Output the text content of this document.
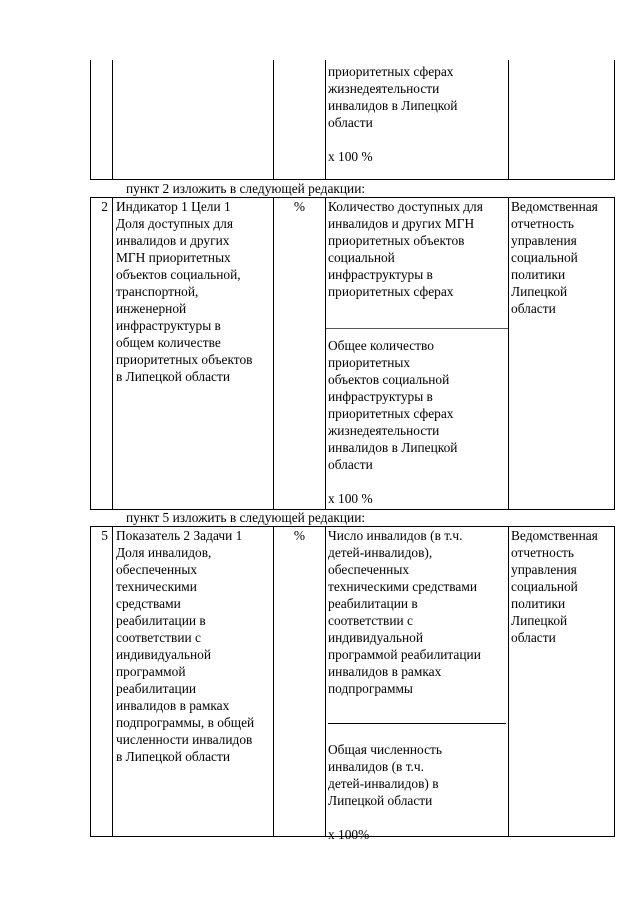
приоритетных сферах
жизнедеятельности
инвалидов в Липецкой
области
х 100 %
пункт 2 изложить в следующей редакции:
2 Индикатор 1 Цели 1
Доля доступных для
инвалидов и других
МГН приоритетных
объектов социальной,
транспортной,
инженерной
инфраструктуры в
общем количестве
приоритетных объектов
в Липецкой области
%	Количество доступных для
инвалидов и других МГН
приоритетных объектов
социальной
инфраструктуры в
приоритетных сферах
Общее количество
приоритетных
объектов социальной
инфраструктуры в
приоритетных сферах
жизнедеятельности
инвалидов в Липецкой
области
х 100 %
Ведомственная
отчетность
управления
социальной
политики
Липецкой
области
пункт 5 изложить в следующей редакции:
5 Показатель 2 Задачи 1
Доля инвалидов,
обеспеченных
техническими
средствами
реабилитации в
соответствии с
индивидуальной
программой
реабилитации
инвалидов в рамках
подпрограммы, в общей
численности инвалидов
в Липецкой области
%	Число инвалидов (в т.ч.
детей-инвалидов),
обеспеченных
техническими средствами
реабилитации в
соответствии с
индивидуальной
программой реабилитации
инвалидов в рамках
подпрограммы
Общая численность
инвалидов (в т.ч.
детей-инвалидов) в
Липецкой области
х 100%
Ведомственная
отчетность
управления
социальной
политики
Липецкой
области
